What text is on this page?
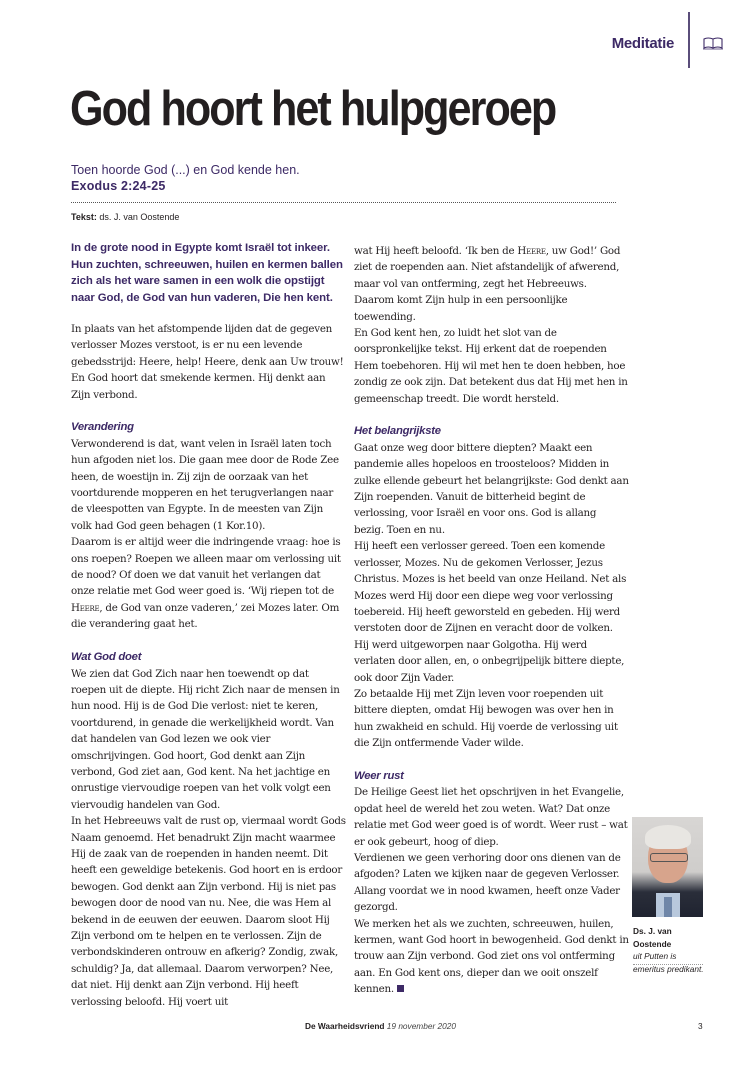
Meditatie
God hoort het hulpgeroep
Toen hoorde God (...) en God kende hen.
Exodus 2:24-25
Tekst: ds. J. van Oostende

In de grote nood in Egypte komt Israël tot inkeer. Hun zuchten, schreeuwen, huilen en kermen ballen zich als het ware samen in een wolk die opstijgt naar God, de God van hun vaderen, Die hen kent.

In plaats van het afstompende lijden dat de gegeven verlosser Mozes verstoot, is er nu een levende gebedsstrijd: Heere, help! Heere, denk aan Uw trouw! En God hoort dat smekende kermen. Hij denkt aan Zijn verbond.

Verandering

Verwonderend is dat, want velen in Israël laten toch hun afgoden niet los. Die gaan mee door de Rode Zee heen, de woestijn in. Zij zijn de oorzaak van het voortdurende mopperen en het terugverlangen naar de vleespotten van Egypte. In de meesten van Zijn volk had God geen behagen (1 Kor.10).

Daarom is er altijd weer die indringende vraag: hoe is ons roepen? Roepen we alleen maar om verlossing uit de nood? Of doen we dat vanuit het verlangen dat onze relatie met God weer goed is. ‘Wij riepen tot de Heere, de God van onze vaderen,’ zei Mozes later. Om die verandering gaat het.

Wat God doet

We zien dat God Zich naar hen toewendt op dat roepen uit de diepte. Hij richt Zich naar de mensen in hun nood. Hij is de God Die verlost: niet te keren, voortdurend, in genade die werkelijkheid wordt. Van dat handelen van God lezen we ook vier omschrijvingen. God hoort, God denkt aan Zijn verbond, God ziet aan, God kent. Na het jachtige en onrustige viervoudige roepen van het volk volgt een viervoudig handelen van God.

In het Hebreeuws valt de rust op, viermaal wordt Gods Naam genoemd. Het benadrukt Zijn macht waarmee Hij de zaak van de roependen in handen neemt. Dit heeft een geweldige betekenis. God hoort en is erdoor bewogen. God denkt aan Zijn verbond. Hij is niet pas bewogen door de nood van nu. Nee, die was Hem al bekend in de eeuwen der eeuwen. Daarom sloot Hij Zijn verbond om te helpen en te verlossen. Zijn de verbondskinderen ontrouw en afkerig? Zondig, zwak, schuldig? Ja, dat allemaal. Daarom verworpen? Nee, dat niet. Hij denkt aan Zijn verbond. Hij heeft verlossing beloofd. Hij voert uit

wat Hij heeft beloofd. ‘Ik ben de Heere, uw God!’ God ziet de roependen aan. Niet afstandelijk of afwerend, maar vol van ontferming, zegt het Hebreeuws. Daarom komt Zijn hulp in een persoonlijke toewending.

En God kent hen, zo luidt het slot van de oorspronkelijke tekst. Hij erkent dat de roependen Hem toebehoren. Hij wil met hen te doen hebben, hoe zondig ze ook zijn. Dat betekent dus dat Hij met hen in gemeenschap treedt. Die wordt hersteld.

Het belangrijkste

Gaat onze weg door bittere diepten? Maakt een pandemie alles hopeloos en troosteloos? Midden in zulke ellende gebeurt het belangrijkste: God denkt aan Zijn roependen. Vanuit de bitterheid begint de verlossing, voor Israël en voor ons. God is allang bezig. Toen en nu.

Hij heeft een verlosser gereed. Toen een komende verlosser, Mozes. Nu de gekomen Verlosser, Jezus Christus. Mozes is het beeld van onze Heiland. Net als Mozes werd Hij door een diepe weg voor verlossing toebereid. Hij heeft geworsteld en gebeden. Hij werd verstoten door de Zijnen en veracht door de volken. Hij werd uitgeworpen naar Golgotha. Hij werd verlaten door allen, en, o onbegrijpelijk bittere diepte, ook door Zijn Vader.

Zo betaalde Hij met Zijn leven voor roependen uit bittere diepten, omdat Hij bewogen was over hen in hun zwakheid en schuld. Hij voerde de verlossing uit die Zijn ontfermende Vader wilde.

Weer rust

De Heilige Geest liet het opschrijven in het Evangelie, opdat heel de wereld het zou weten. Wat? Dat onze relatie met God weer goed is of wordt. Weer rust – wat er ook gebeurt, hoog of diep.

Verdienen we geen verhoring door ons dienen van de afgoden? Laten we kijken naar de gegeven Verlosser. Allang voordat we in nood kwamen, heeft onze Vader gezorgd.

We merken het als we zuchten, schreeuwen, huilen, kermen, want God hoort in bewogenheid. God denkt in trouw aan Zijn verbond. God ziet ons vol ontferming aan. En God kent ons, dieper dan we ooit onszelf kennen.

Ds. J. van Oostende
uit Putten is emeritus predikant.
De Waarheidsvriend 19 november 2020	3
